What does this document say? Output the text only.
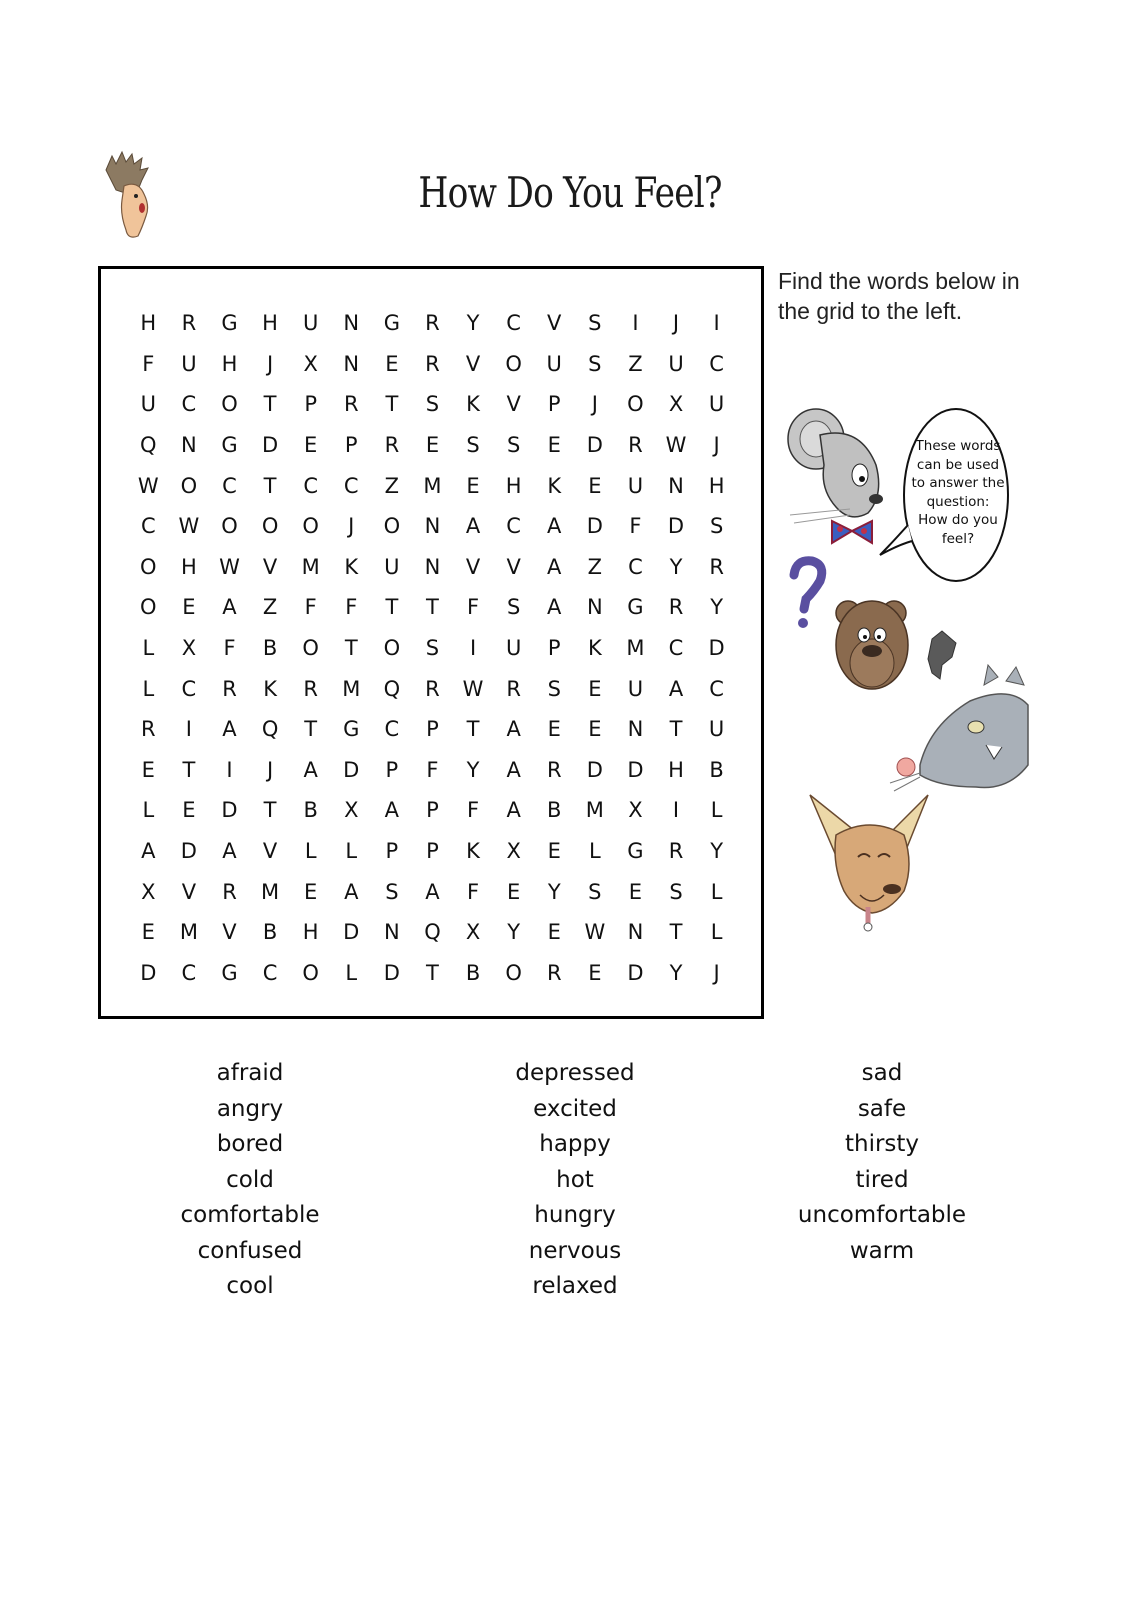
How Do You Feel?
H	R	G	H	U	N	G	R	Y	C	V	S	I	J	I
F	U	H	J	X	N	E	R	V	O	U	S	Z	U	C
U	C	O	T	P	R	T	S	K	V	P	J	O	X	U
Q	N	G	D	E	P	R	E	S	S	E	D	R	W	J
W	O	C	T	C	C	Z	M	E	H	K	E	U	N	H
C	W	O	O	O	J	O	N	A	C	A	D	F	D	S
O	H	W	V	M	K	U	N	V	V	A	Z	C	Y	R
O	E	A	Z	F	F	T	T	F	S	A	N	G	R	Y
L	X	F	B	O	T	O	S	I	U	P	K	M	C	D
L	C	R	K	R	M	Q	R	W	R	S	E	U	A	C
R	I	A	Q	T	G	C	P	T	A	E	E	N	T	U
E	T	I	J	A	D	P	F	Y	A	R	D	D	H	B
L	E	D	T	B	X	A	P	F	A	B	M	X	I	L
A	D	A	V	L	L	P	P	K	X	E	L	G	R	Y
X	V	R	M	E	A	S	A	F	E	Y	S	E	S	L
E	M	V	B	H	D	N	Q	X	Y	E	W	N	T	L
D	C	G	C	O	L	D	T	B	O	R	E	D	Y	J
Find the words below in the grid to the left.
These words can be used to answer the question: How do you feel?
afraid
angry
bored
cold
comfortable
confused
cool
depressed
excited
happy
hot
hungry
nervous
relaxed
sad
safe
thirsty
tired
uncomfortable
warm
